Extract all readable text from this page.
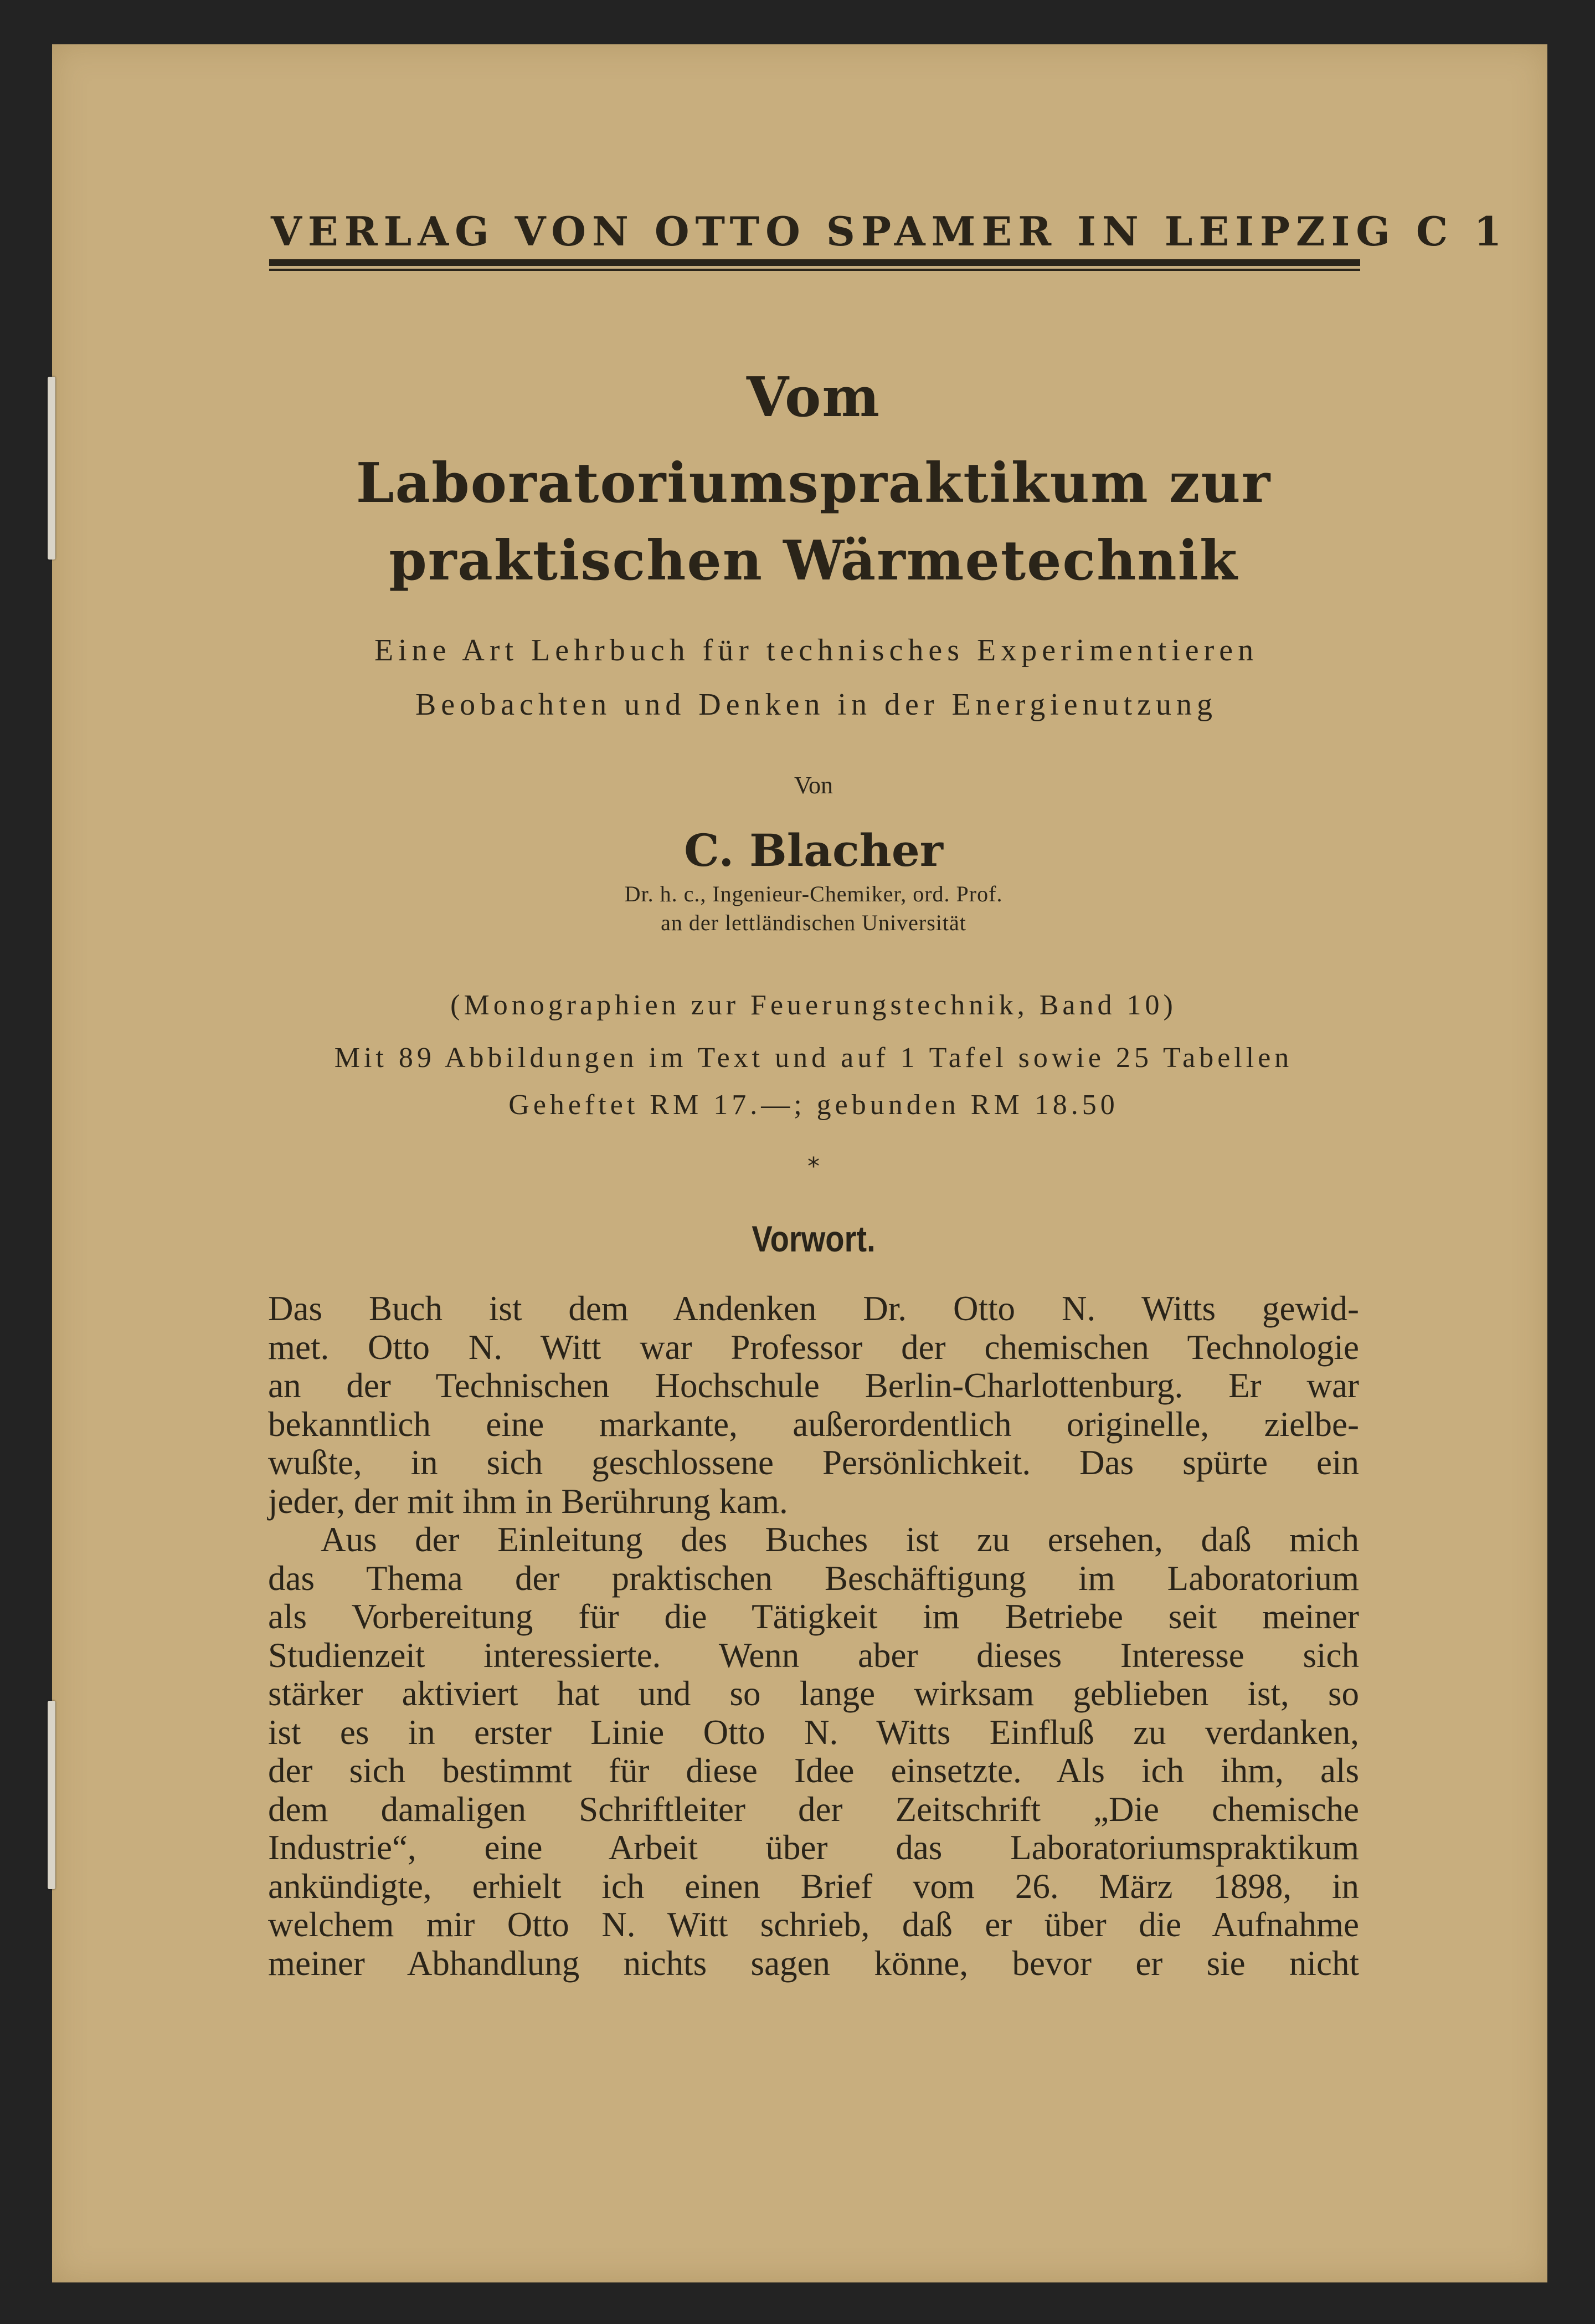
VERLAG VON OTTO SPAMER IN LEIPZIG C 1
Vom
Laboratoriumspraktikum zur
praktischen Wärmetechnik
Eine Art Lehrbuch für technisches Experimentieren
Beobachten und Denken in der Energienutzung
Von
C. Blacher
Dr. h. c., Ingenieur-Chemiker, ord. Prof.
an der lettländischen Universität
(Monographien zur Feuerungstechnik, Band 10)
Mit 89 Abbildungen im Text und auf 1 Tafel sowie 25 Tabellen
Geheftet RM 17.—; gebunden RM 18.50
*
Vorwort.
Das Buch ist dem Andenken Dr. Otto N. Witts gewid-
met. Otto N. Witt war Professor der chemischen Technologie
an der Technischen Hochschule Berlin-Charlottenburg. Er war
bekanntlich eine markante, außerordentlich originelle, zielbe-
wußte, in sich geschlossene Persönlichkeit. Das spürte ein
jeder, der mit ihm in Berührung kam.
Aus der Einleitung des Buches ist zu ersehen, daß mich
das Thema der praktischen Beschäftigung im Laboratorium
als Vorbereitung für die Tätigkeit im Betriebe seit meiner
Studienzeit interessierte. Wenn aber dieses Interesse sich
stärker aktiviert hat und so lange wirksam geblieben ist, so
ist es in erster Linie Otto N. Witts Einfluß zu verdanken,
der sich bestimmt für diese Idee einsetzte. Als ich ihm, als
dem damaligen Schriftleiter der Zeitschrift „Die chemische
Industrie“, eine Arbeit über das Laboratoriumspraktikum
ankündigte, erhielt ich einen Brief vom 26. März 1898, in
welchem mir Otto N. Witt schrieb, daß er über die Aufnahme
meiner Abhandlung nichts sagen könne, bevor er sie nicht
